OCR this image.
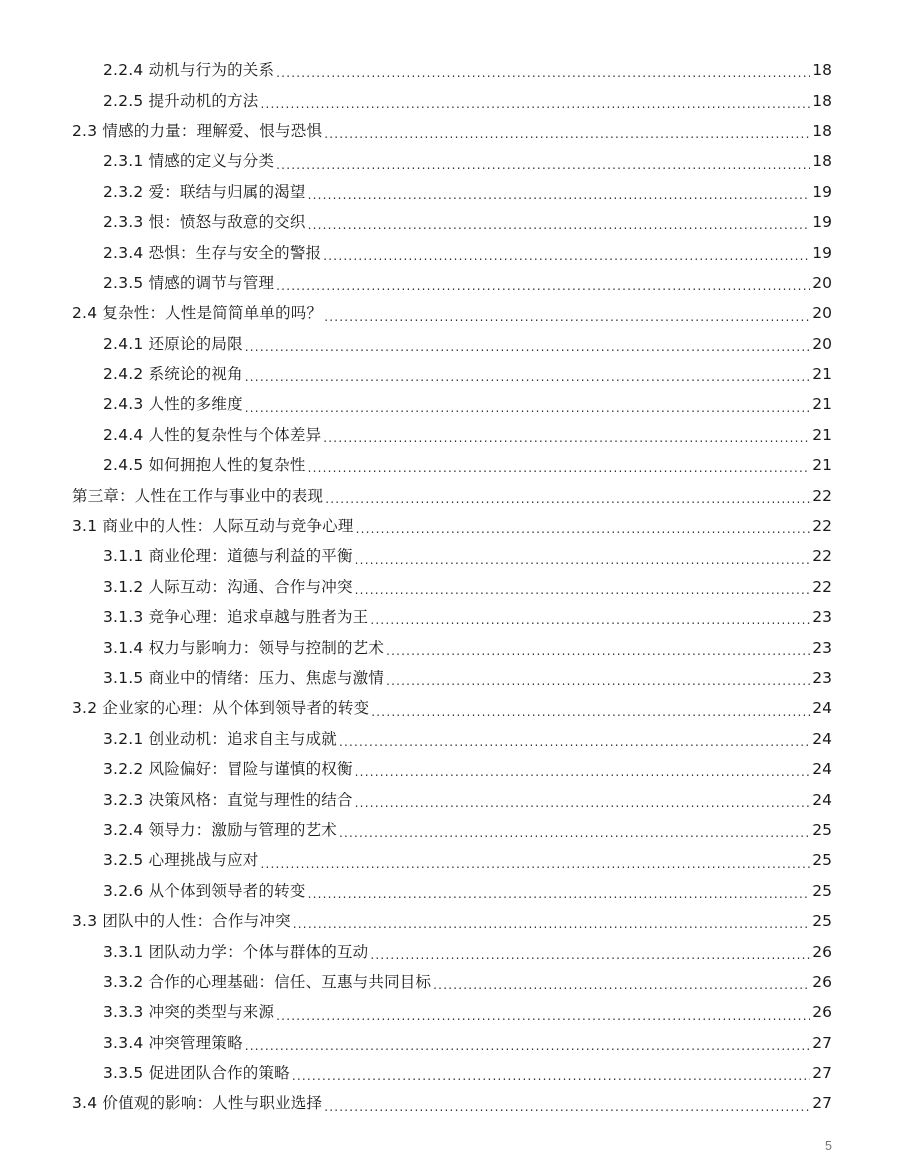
2.2.4 动机与行为的关系 .....	18
2.2.5 提升动机的方法 .....	18
2.3 情感的力量：理解爱、恨与恐惧 .....	18
2.3.1 情感的定义与分类 .....	18
2.3.2 爱：联结与归属的渴望 .....	19
2.3.3 恨：愤怒与敌意的交织 .....	19
2.3.4 恐惧：生存与安全的警报 .....	19
2.3.5 情感的调节与管理 .....	20
2.4 复杂性：人性是简简单单的吗？ .....	20
2.4.1 还原论的局限 .....	20
2.4.2 系统论的视角 .....	21
2.4.3 人性的多维度 .....	21
2.4.4 人性的复杂性与个体差异 .....	21
2.4.5 如何拥抱人性的复杂性 .....	21
第三章：人性在工作与事业中的表现 .....	22
3.1 商业中的人性：人际互动与竞争心理 .....	22
3.1.1 商业伦理：道德与利益的平衡 .....	22
3.1.2 人际互动：沟通、合作与冲突 .....	22
3.1.3 竞争心理：追求卓越与胜者为王 .....	23
3.1.4 权力与影响力：领导与控制的艺术 .....	23
3.1.5 商业中的情绪：压力、焦虑与激情 .....	23
3.2 企业家的心理：从个体到领导者的转变 .....	24
3.2.1 创业动机：追求自主与成就 .....	24
3.2.2 风险偏好：冒险与谨慎的权衡 .....	24
3.2.3 决策风格：直觉与理性的结合 .....	24
3.2.4 领导力：激励与管理的艺术 .....	25
3.2.5 心理挑战与应对 .....	25
3.2.6 从个体到领导者的转变 .....	25
3.3 团队中的人性：合作与冲突 .....	25
3.3.1 团队动力学：个体与群体的互动 .....	26
3.3.2 合作的心理基础：信任、互惠与共同目标 .....	26
3.3.3 冲突的类型与来源 .....	26
3.3.4 冲突管理策略 .....	27
3.3.5 促进团队合作的策略 .....	27
3.4 价值观的影响：人性与职业选择 .....	27
5
